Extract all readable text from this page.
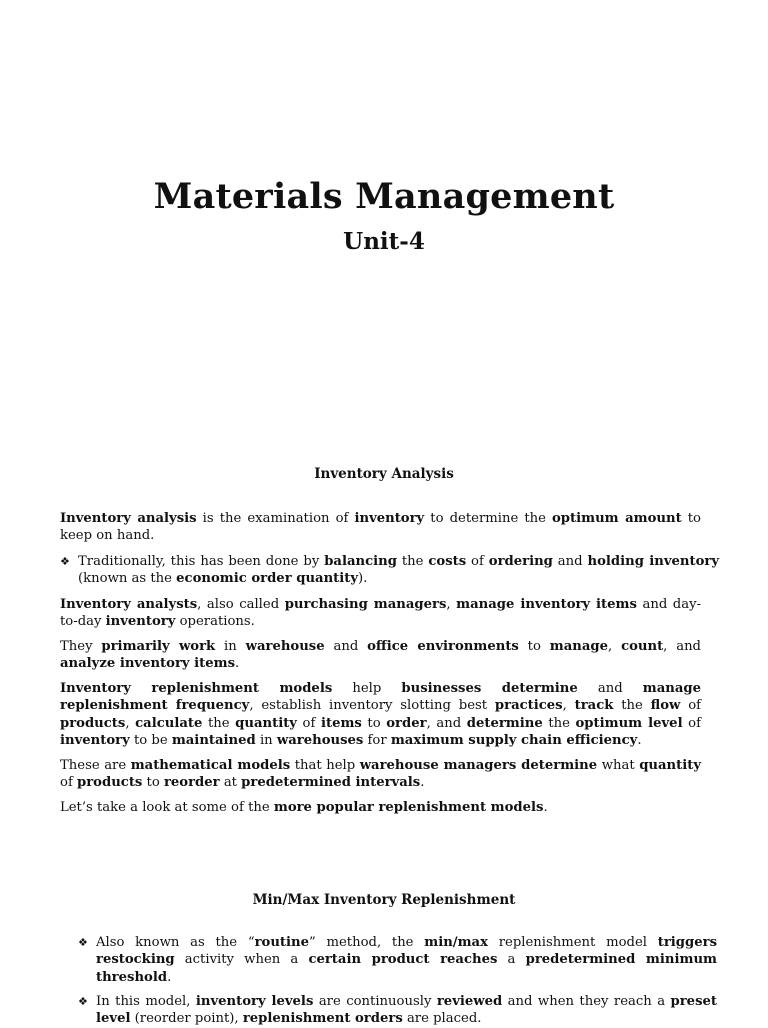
Materials Management
Unit-4
Inventory Analysis

Inventory analysis is the examination of inventory to determine the optimum amount to keep on hand.

❖ Traditionally, this has been done by balancing the costs of ordering and holding inventory (known as the economic order quantity).

Inventory analysts, also called purchasing managers, manage inventory items and day-to-day inventory operations.

They primarily work in warehouse and office environments to manage, count, and analyze inventory items.

Inventory replenishment models help businesses determine and manage replenishment frequency, establish inventory slotting best practices, track the flow of products, calculate the quantity of items to order, and determine the optimum level of inventory to be maintained in warehouses for maximum supply chain efficiency.

These are mathematical models that help warehouse managers determine what quantity of products to reorder at predetermined intervals.

Let’s take a look at some of the more popular replenishment models.

Min/Max Inventory Replenishment

❖ Also known as the “routine” method, the min/max replenishment model triggers restocking activity when a certain product reaches a predetermined minimum threshold.

❖ In this model, inventory levels are continuously reviewed and when they reach a preset level (reorder point), replenishment orders are placed.
